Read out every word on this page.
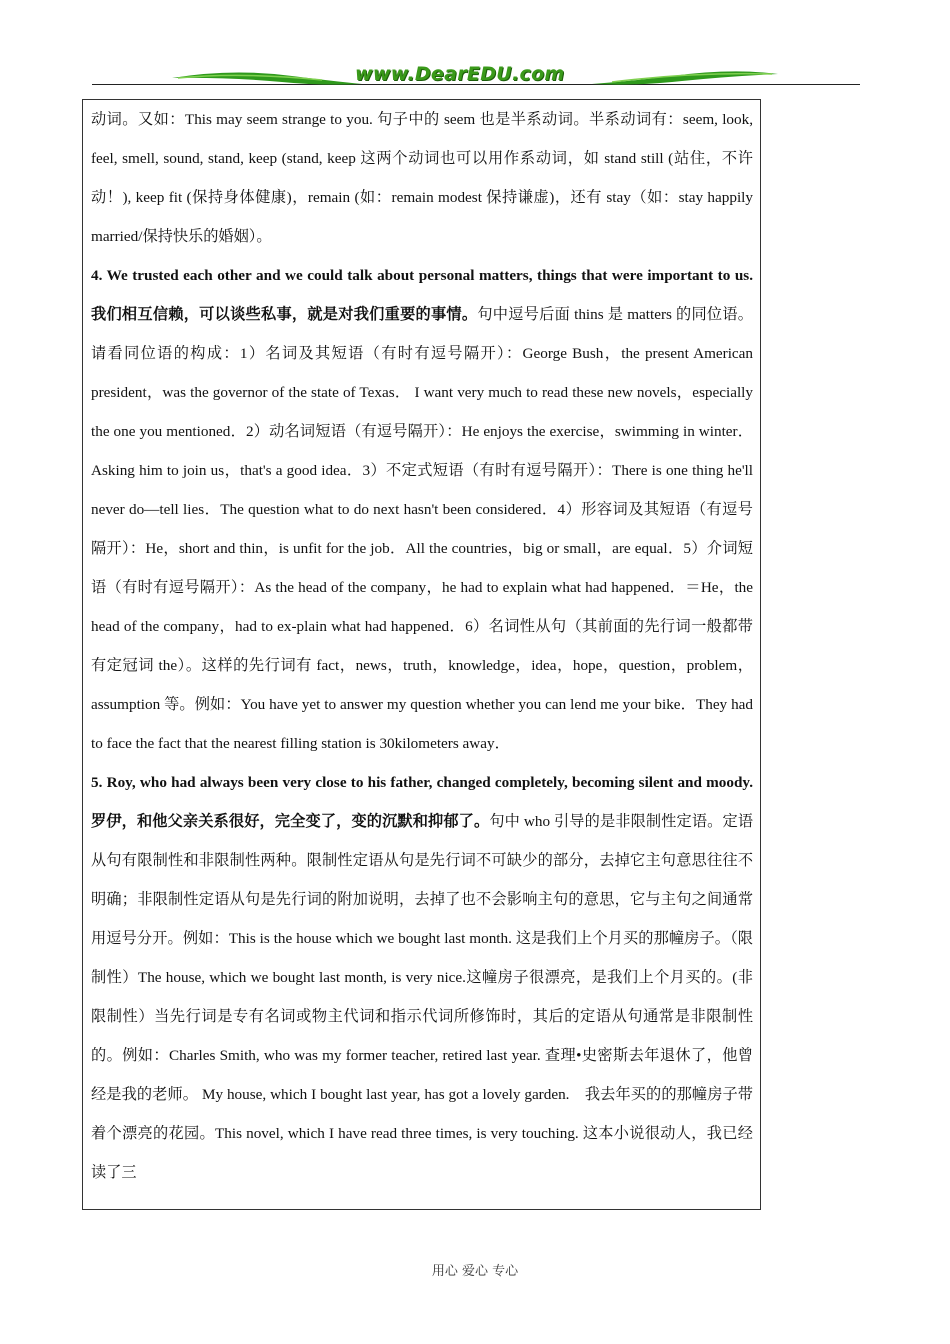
www.DearEDU.com

动词。又如：This may seem strange to you. 句子中的 seem 也是半系动词。半系动词有：seem, look, feel, smell, sound, stand, keep (stand, keep 这两个动词也可以用作系动词，如 stand still (站住，不许动！), keep fit (保持身体健康)，remain (如：remain modest 保持谦虚)，还有 stay（如：stay happily married/保持快乐的婚姻）。

4. We trusted each other and we could talk about personal matters, things that were important to us.我们相互信赖，可以谈些私事，就是对我们重要的事情。句中逗号后面 thins 是 matters 的同位语。请看同位语的构成：1）名词及其短语（有时有逗号隔开）：George Bush，the present American president，was the governor of the state of Texas． I want very much to read these new novels，especially the one you mentioned．2）动名词短语（有逗号隔开）：He enjoys the exercise，swimming in winter．Asking him to join us，that's a good idea．3）不定式短语（有时有逗号隔开）：There is one thing he'll never do—tell lies．The question what to do next hasn't been considered．4）形容词及其短语（有逗号隔开）：He，short and thin，is unfit for the job．All the countries，big or small，are equal．5）介词短语（有时有逗号隔开）：As the head of the company，he had to explain what had happened．＝He，the head of the company，had to ex-plain what had happened．6）名词性从句（其前面的先行词一般都带有定冠词 the）。这样的先行词有 fact，news，truth，knowledge，idea，hope，question，problem，assumption 等。例如：You have yet to answer my question whether you can lend me your bike．They had to face the fact that the nearest filling station is 30kilometers away．

5. Roy, who had always been very close to his father, changed completely, becoming silent and moody. 罗伊，和他父亲关系很好，完全变了，变的沉默和抑郁了。句中 who 引导的是非限制性定语。定语从句有限制性和非限制性两种。限制性定语从句是先行词不可缺少的部分，去掉它主句意思往往不明确；非限制性定语从句是先行词的附加说明，去掉了也不会影响主句的意思，它与主句之间通常用逗号分开。例如：This is the house which we bought last month. 这是我们上个月买的那幢房子。（限制性）The house, which we bought last month, is very nice.这幢房子很漂亮，是我们上个月买的。(非限制性）当先行词是专有名词或物主代词和指示代词所修饰时，其后的定语从句通常是非限制性的。例如：Charles Smith, who was my former teacher, retired last year. 查理•史密斯去年退休了，他曾经是我的老师。 My house, which I bought last year, has got a lovely garden.　我去年买的的那幢房子带着个漂亮的花园。This novel, which I have read three times, is very touching. 这本小说很动人，我已经读了三

用心 爱心 专心
